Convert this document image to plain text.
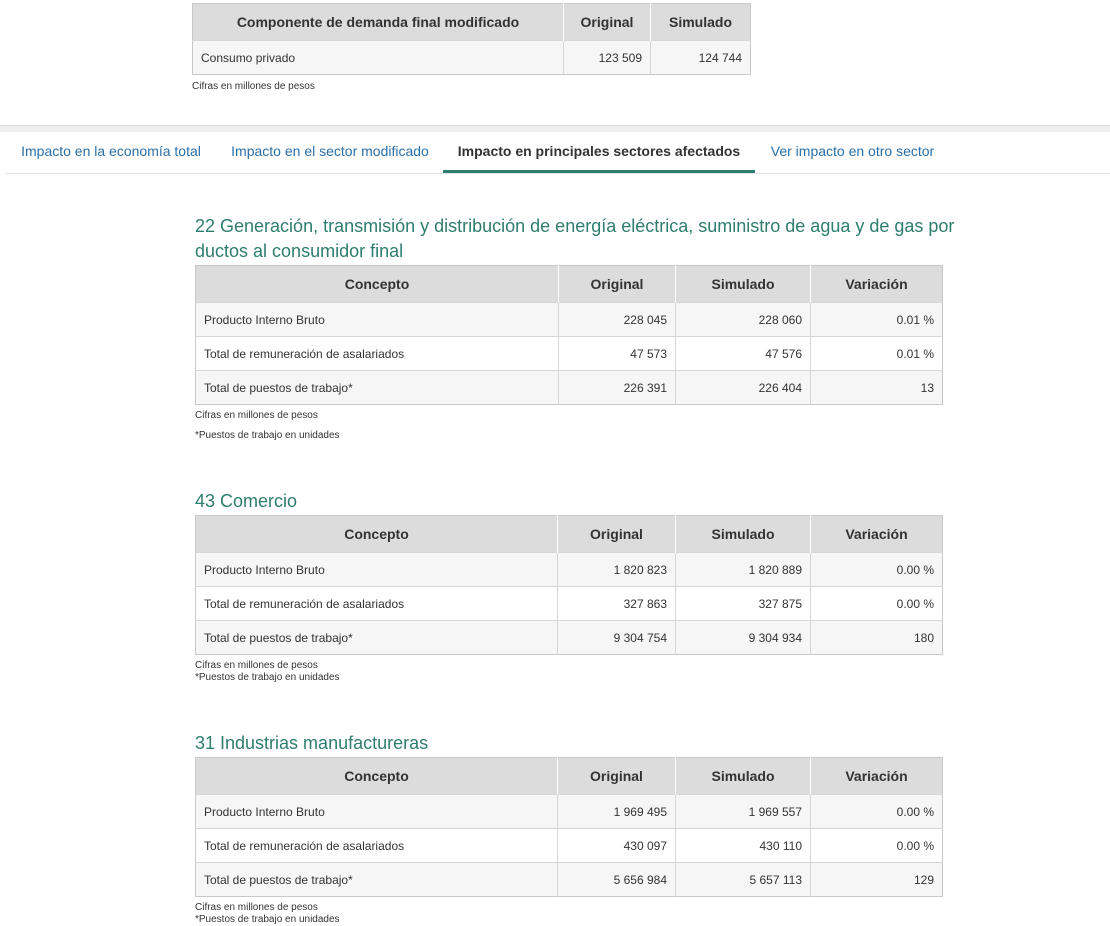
Componente de demanda final modificado	Original	Simulado
Consumo privado	123 509	124 744
Cifras en millones de pesos
Impacto en la economía total	Impacto en el sector modificado	Impacto en principales sectores afectados	Ver impacto en otro sector
22 Generación, transmisión y distribución de energía eléctrica, suministro de agua y de gas por ductos al consumidor final
Concepto	Original	Simulado	Variación
Producto Interno Bruto	228 045	228 060	0.01 %
Total de remuneración de asalariados	47 573	47 576	0.01 %
Total de puestos de trabajo*	226 391	226 404	13
Cifras en millones de pesos
*Puestos de trabajo en unidades
43 Comercio
Concepto	Original	Simulado	Variación
Producto Interno Bruto	1 820 823	1 820 889	0.00 %
Total de remuneración de asalariados	327 863	327 875	0.00 %
Total de puestos de trabajo*	9 304 754	9 304 934	180
Cifras en millones de pesos
*Puestos de trabajo en unidades
31 Industrias manufactureras
Concepto	Original	Simulado	Variación
Producto Interno Bruto	1 969 495	1 969 557	0.00 %
Total de remuneración de asalariados	430 097	430 110	0.00 %
Total de puestos de trabajo*	5 656 984	5 657 113	129
Cifras en millones de pesos
*Puestos de trabajo en unidades
